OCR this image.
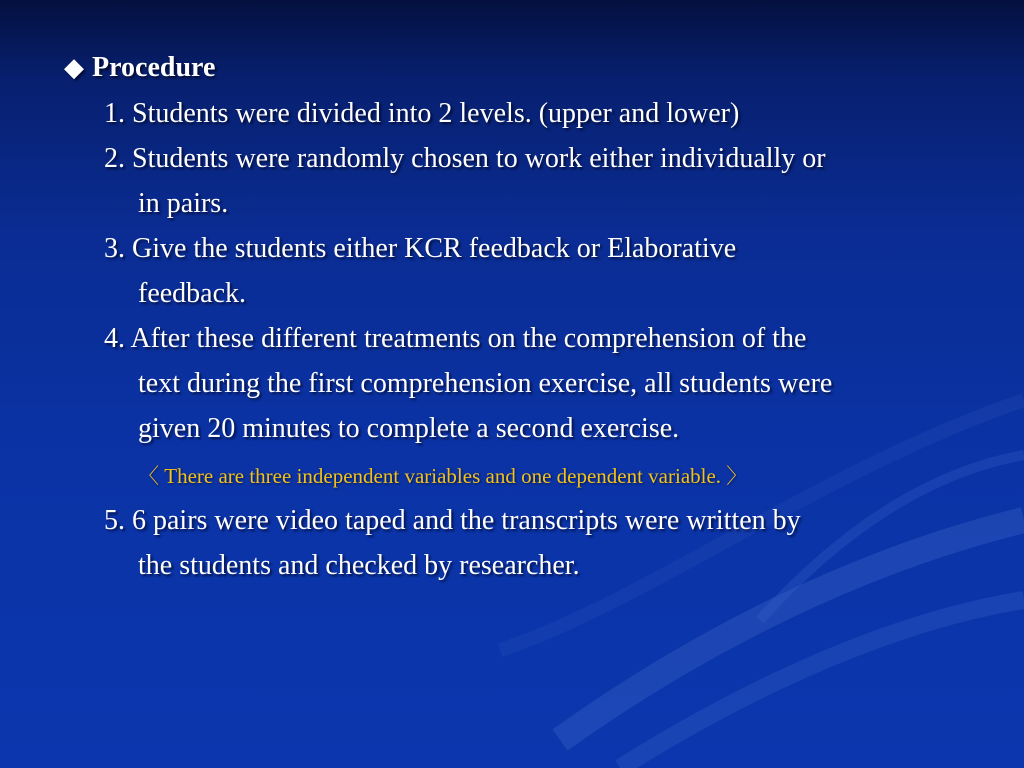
◆ Procedure
1. Students were divided into 2 levels. (upper and lower)
2. Students were randomly chosen to work either individually or
in pairs.
3. Give the students either KCR feedback or Elaborative
feedback.
4. After these different treatments on the comprehension of the
text during the first comprehension exercise, all students were
given 20 minutes to complete a second exercise.
〈 There are three independent variables and one dependent variable. 〉
5. 6 pairs were video taped and the transcripts were written by
the students and checked by researcher.
